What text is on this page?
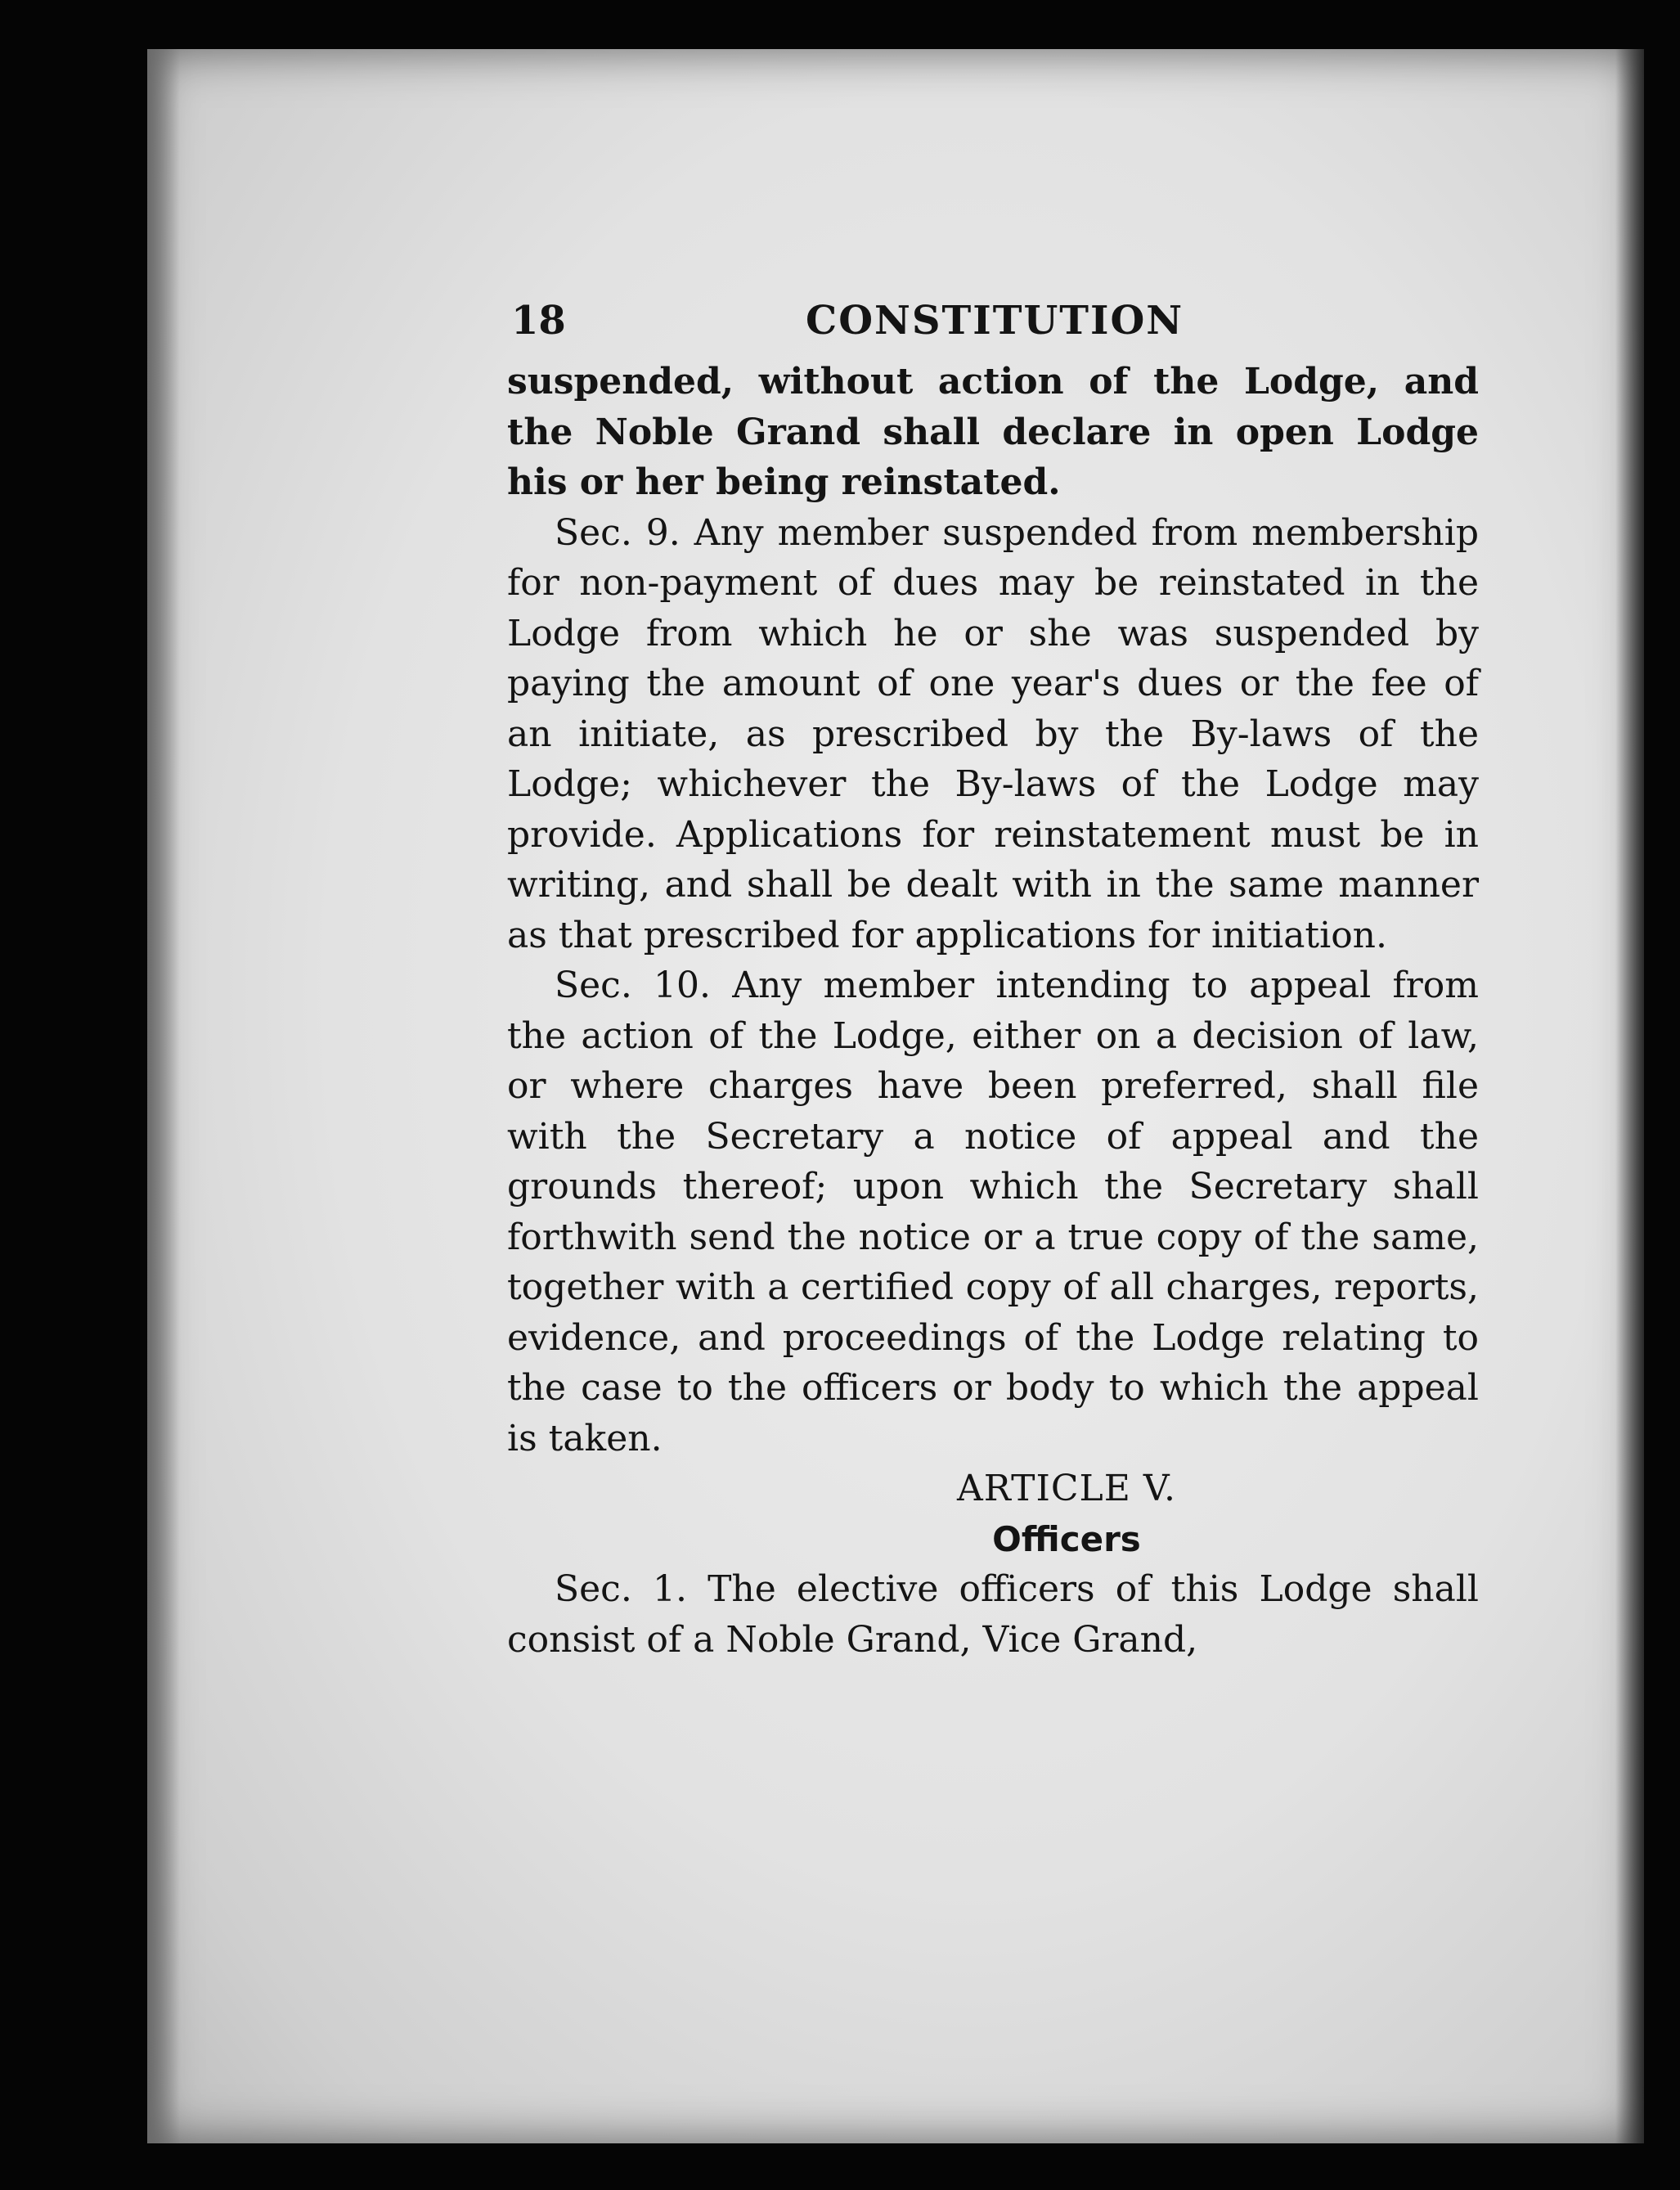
18	CONSTITUTION

suspended, without action of the Lodge, and the Noble Grand shall declare in open Lodge his or her being reinstated.

Sec. 9. Any member suspended from membership for non-payment of dues may be reinstated in the Lodge from which he or she was suspended by paying the amount of one year's dues or the fee of an initiate, as prescribed by the By-laws of the Lodge; whichever the By-laws of the Lodge may provide. Applications for reinstatement must be in writing, and shall be dealt with in the same manner as that prescribed for applications for initiation.

Sec. 10. Any member intending to appeal from the action of the Lodge, either on a decision of law, or where charges have been preferred, shall file with the Secretary a notice of appeal and the grounds thereof; upon which the Secretary shall forthwith send the notice or a true copy of the same, together with a certified copy of all charges, reports, evidence, and proceedings of the Lodge relating to the case to the officers or body to which the appeal is taken.

ARTICLE V.

Officers

Sec. 1. The elective officers of this Lodge shall consist of a Noble Grand, Vice Grand,
